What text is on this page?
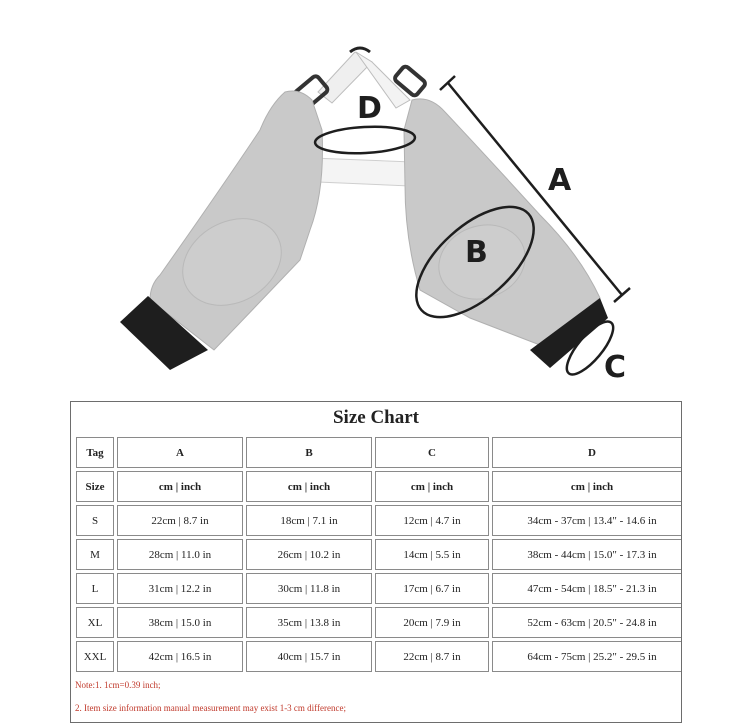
D
A
B
C
Size Chart
Tag	A	B	C	D
Size	cm | inch	cm | inch	cm | inch	cm | inch
S	22cm | 8.7 in	18cm | 7.1 in	12cm | 4.7 in	34cm - 37cm | 13.4" - 14.6 in
M	28cm | 11.0 in	26cm | 10.2 in	14cm | 5.5 in	38cm - 44cm | 15.0" - 17.3 in
L	31cm | 12.2 in	30cm | 11.8 in	17cm | 6.7 in	47cm - 54cm | 18.5" - 21.3 in
XL	38cm | 15.0 in	35cm | 13.8 in	20cm | 7.9 in	52cm - 63cm | 20.5" - 24.8 in
XXL	42cm | 16.5 in	40cm | 15.7 in	22cm | 8.7 in	64cm - 75cm | 25.2" - 29.5 in
Note:1. 1cm=0.39 inch;
2. Item size information manual measurement may exist 1-3 cm difference;
